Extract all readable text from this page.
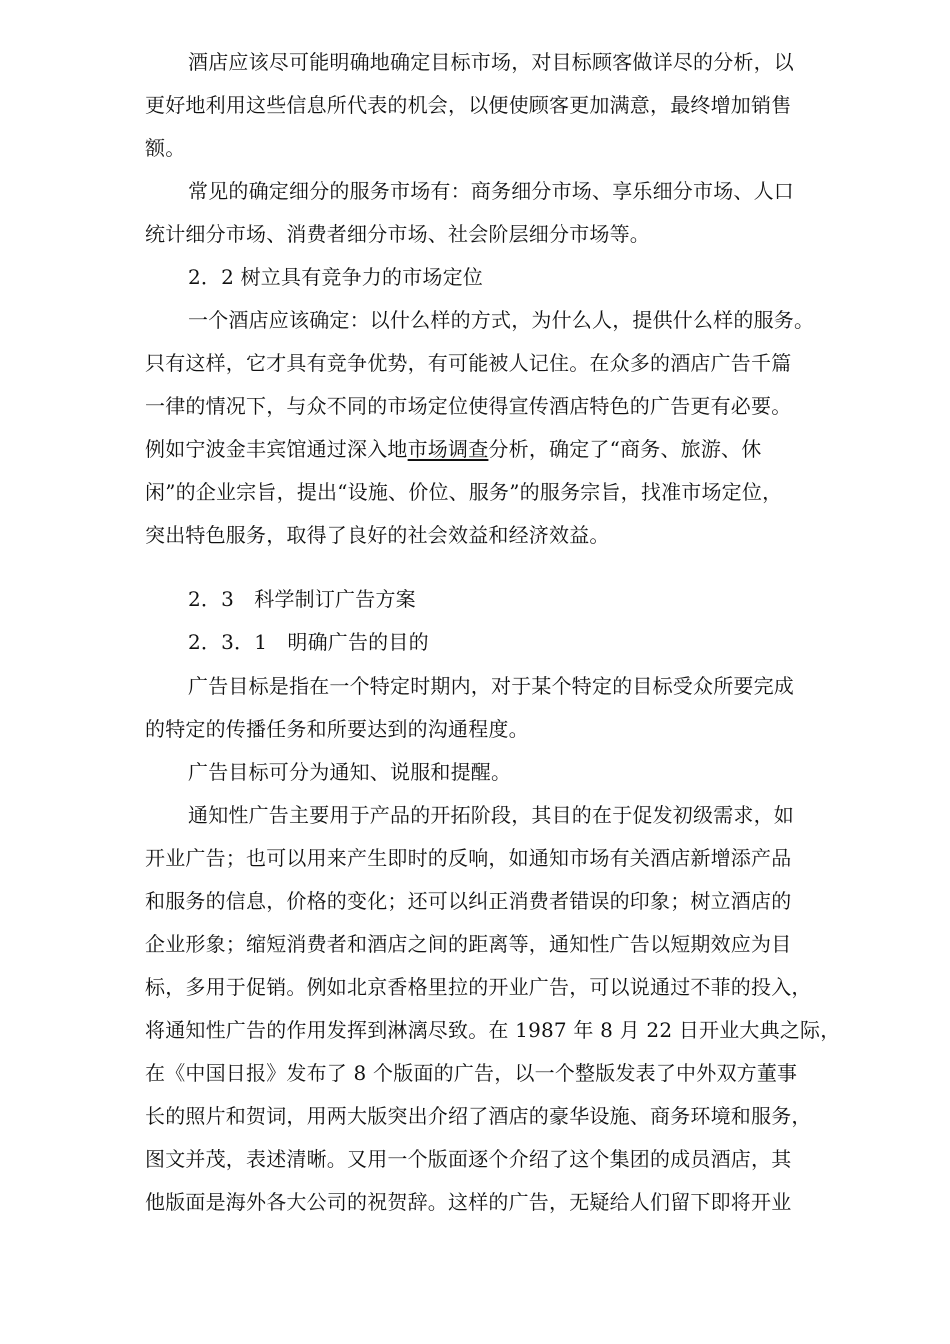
酒店应该尽可能明确地确定目标市场，对目标顾客做详尽的分析，以
更好地利用这些信息所代表的机会，以便使顾客更加满意，最终增加销售
额。
常见的确定细分的服务市场有：商务细分市场、享乐细分市场、人口
统计细分市场、消费者细分市场、社会阶层细分市场等。
2．2 树立具有竞争力的市场定位
一个酒店应该确定：以什么样的方式，为什么人，提供什么样的服务。
只有这样，它才具有竞争优势，有可能被人记住。在众多的酒店广告千篇
一律的情况下，与众不同的市场定位使得宣传酒店特色的广告更有必要。
例如宁波金丰宾馆通过深入地市场调查分析，确定了“商务、旅游、休
闲”的企业宗旨，提出“设施、价位、服务”的服务宗旨，找准市场定位，
突出特色服务，取得了良好的社会效益和经济效益。
2．3　科学制订广告方案
2．3．1　明确广告的目的
广告目标是指在一个特定时期内，对于某个特定的目标受众所要完成
的特定的传播任务和所要达到的沟通程度。
广告目标可分为通知、说服和提醒。
通知性广告主要用于产品的开拓阶段，其目的在于促发初级需求，如
开业广告；也可以用来产生即时的反响，如通知市场有关酒店新增添产品
和服务的信息，价格的变化；还可以纠正消费者错误的印象；树立酒店的
企业形象；缩短消费者和酒店之间的距离等，通知性广告以短期效应为目
标，多用于促销。例如北京香格里拉的开业广告，可以说通过不菲的投入，
将通知性广告的作用发挥到淋漓尽致。在 1987 年 8 月 22 日开业大典之际，
在《中国日报》发布了 8 个版面的广告，以一个整版发表了中外双方董事
长的照片和贺词，用两大版突出介绍了酒店的豪华设施、商务环境和服务，
图文并茂，表述清晰。又用一个版面逐个介绍了这个集团的成员酒店，其
他版面是海外各大公司的祝贺辞。这样的广告，无疑给人们留下即将开业
